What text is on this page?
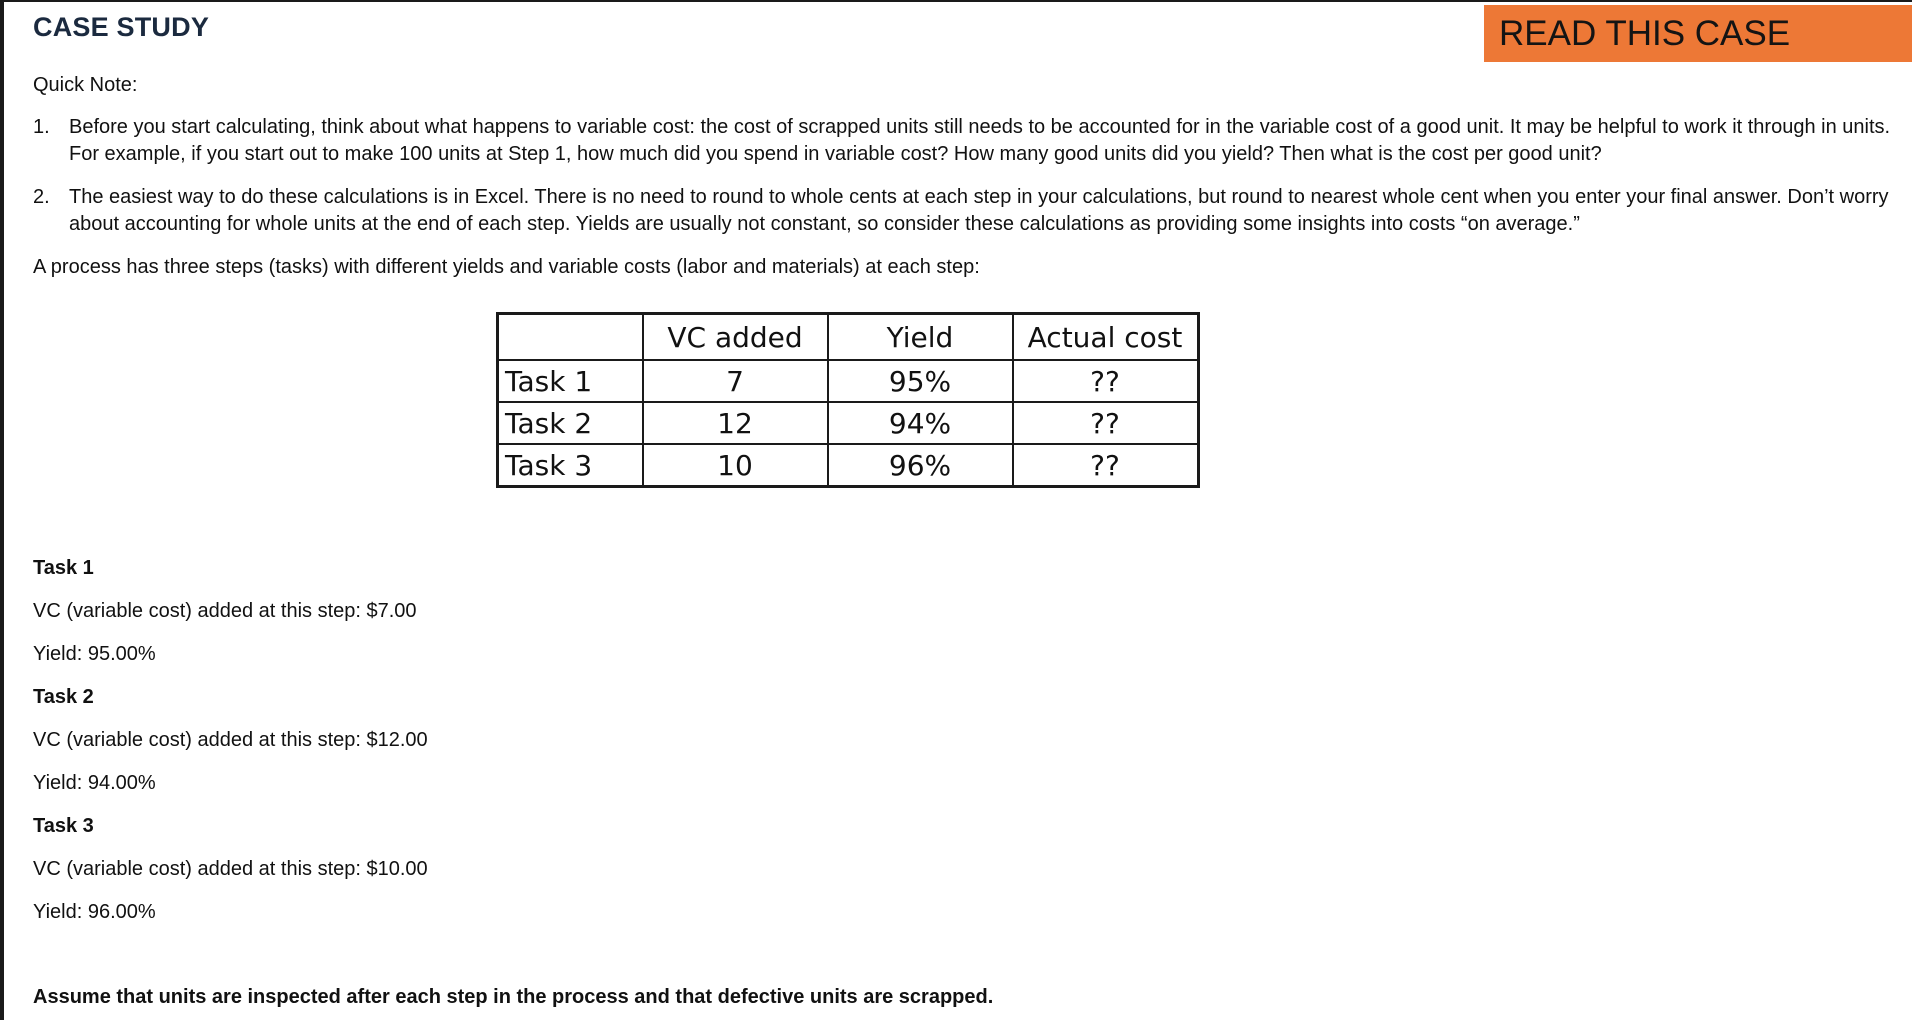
CASE STUDY	READ THIS CASE
Quick Note:
1. Before you start calculating, think about what happens to variable cost: the cost of scrapped units still needs to be accounted for in the variable cost of a good unit. It may be helpful to work it through in units. For example, if you start out to make 100 units at Step 1, how much did you spend in variable cost? How many good units did you yield? Then what is the cost per good unit?
2. The easiest way to do these calculations is in Excel. There is no need to round to whole cents at each step in your calculations, but round to nearest whole cent when you enter your final answer. Don’t worry about accounting for whole units at the end of each step. Yields are usually not constant, so consider these calculations as providing some insights into costs “on average.”
A process has three steps (tasks) with different yields and variable costs (labor and materials) at each step:
	VC added	Yield	Actual cost
Task 1	7	95%	??
Task 2	12	94%	??
Task 3	10	96%	??
Task 1
VC (variable cost) added at this step: $7.00
Yield: 95.00%
Task 2
VC (variable cost) added at this step: $12.00
Yield: 94.00%
Task 3
VC (variable cost) added at this step: $10.00
Yield: 96.00%
Assume that units are inspected after each step in the process and that defective units are scrapped.
